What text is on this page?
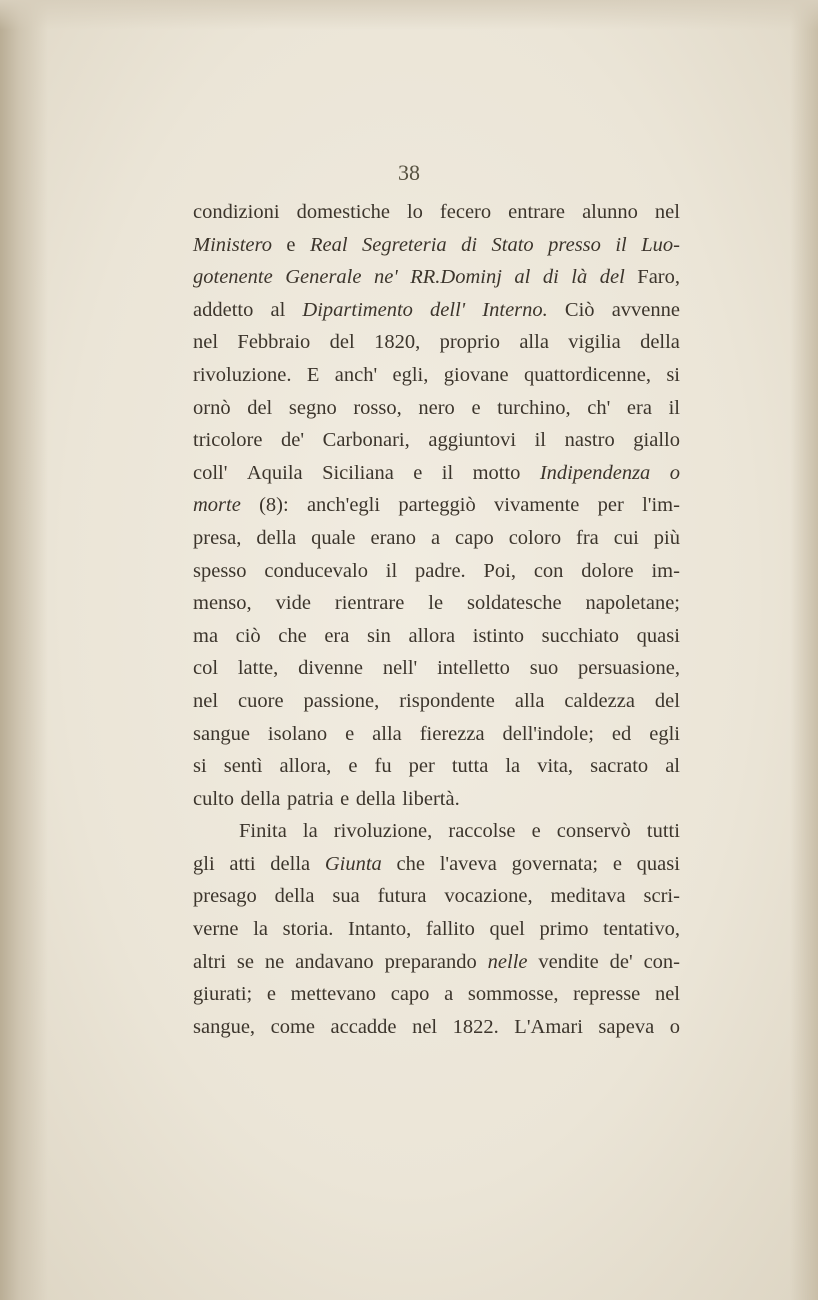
38
condizioni domestiche lo fecero entrare alunno nel
Ministero e Real Segreteria di Stato presso il Luo-
gotenente Generale ne' RR.Dominj al di là del Faro,
addetto al Dipartimento dell' Interno. Ciò avvenne
nel Febbraio del 1820, proprio alla vigilia della
rivoluzione. E anch' egli, giovane quattordicenne, si
ornò del segno rosso, nero e turchino, ch' era il
tricolore de' Carbonari, aggiuntovi il nastro giallo
coll' Aquila Siciliana e il motto Indipendenza o
morte (8): anch'egli parteggiò vivamente per l'im-
presa, della quale erano a capo coloro fra cui più
spesso conducevalo il padre. Poi, con dolore im-
menso, vide rientrare le soldatesche napoletane;
ma ciò che era sin allora istinto succhiato quasi
col latte, divenne nell' intelletto suo persuasione,
nel cuore passione, rispondente alla caldezza del
sangue isolano e alla fierezza dell'indole; ed egli
si sentì allora, e fu per tutta la vita, sacrato al
culto della patria e della libertà.
Finita la rivoluzione, raccolse e conservò tutti
gli atti della Giunta che l'aveva governata; e quasi
presago della sua futura vocazione, meditava scri-
verne la storia. Intanto, fallito quel primo tentativo,
altri se ne andavano preparando nelle vendite de' con-
giurati; e mettevano capo a sommosse, represse nel
sangue, come accadde nel 1822. L'Amari sapeva o
